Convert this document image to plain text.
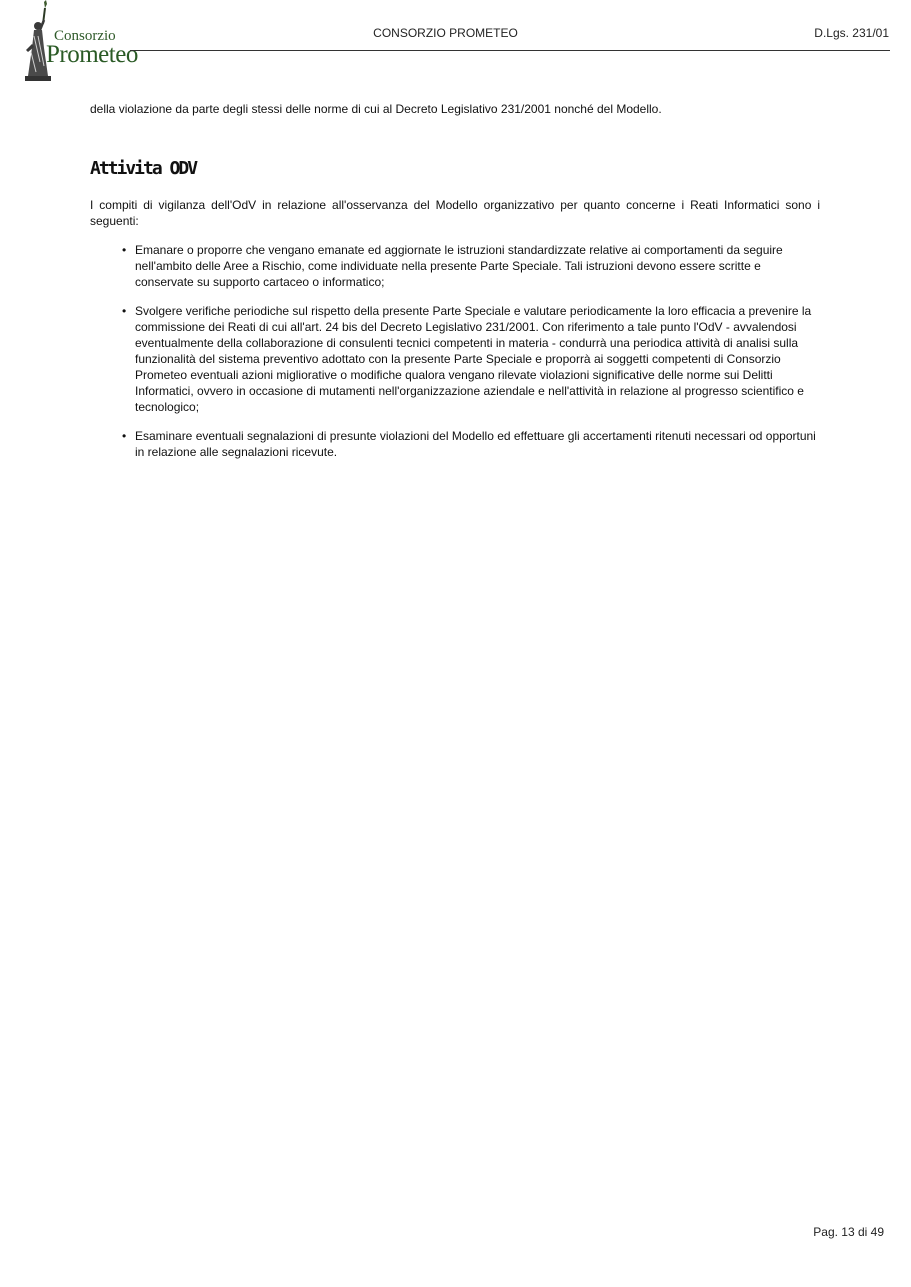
Consorzio
Prometeo
CONSORZIO PROMETEO	D.Lgs. 231/01

della violazione da parte degli stessi delle norme di cui al Decreto Legislativo 231/2001 nonché del Modello.

Attivita ODV

I compiti di vigilanza dell'OdV in relazione all'osservanza del Modello organizzativo per quanto concerne i Reati Informatici sono i seguenti:

• Emanare o proporre che vengano emanate ed aggiornate le istruzioni standardizzate relative ai comportamenti da seguire nell'ambito delle Aree a Rischio, come individuate nella presente Parte Speciale. Tali istruzioni devono essere scritte e conservate su supporto cartaceo o informatico;
• Svolgere verifiche periodiche sul rispetto della presente Parte Speciale e valutare periodicamente la loro efficacia a prevenire la commissione dei Reati di cui all'art. 24 bis del Decreto Legislativo 231/2001. Con riferimento a tale punto l'OdV - avvalendosi eventualmente della collaborazione di consulenti tecnici competenti in materia - condurrà una periodica attività di analisi sulla funzionalità del sistema preventivo adottato con la presente Parte Speciale e proporrà ai soggetti competenti di Consorzio Prometeo eventuali azioni migliorative o modifiche qualora vengano rilevate violazioni significative delle norme sui Delitti Informatici, ovvero in occasione di mutamenti nell'organizzazione aziendale e nell'attività in relazione al progresso scientifico e tecnologico;
• Esaminare eventuali segnalazioni di presunte violazioni del Modello ed effettuare gli accertamenti ritenuti necessari od opportuni in relazione alle segnalazioni ricevute.
Pag. 13 di 49
